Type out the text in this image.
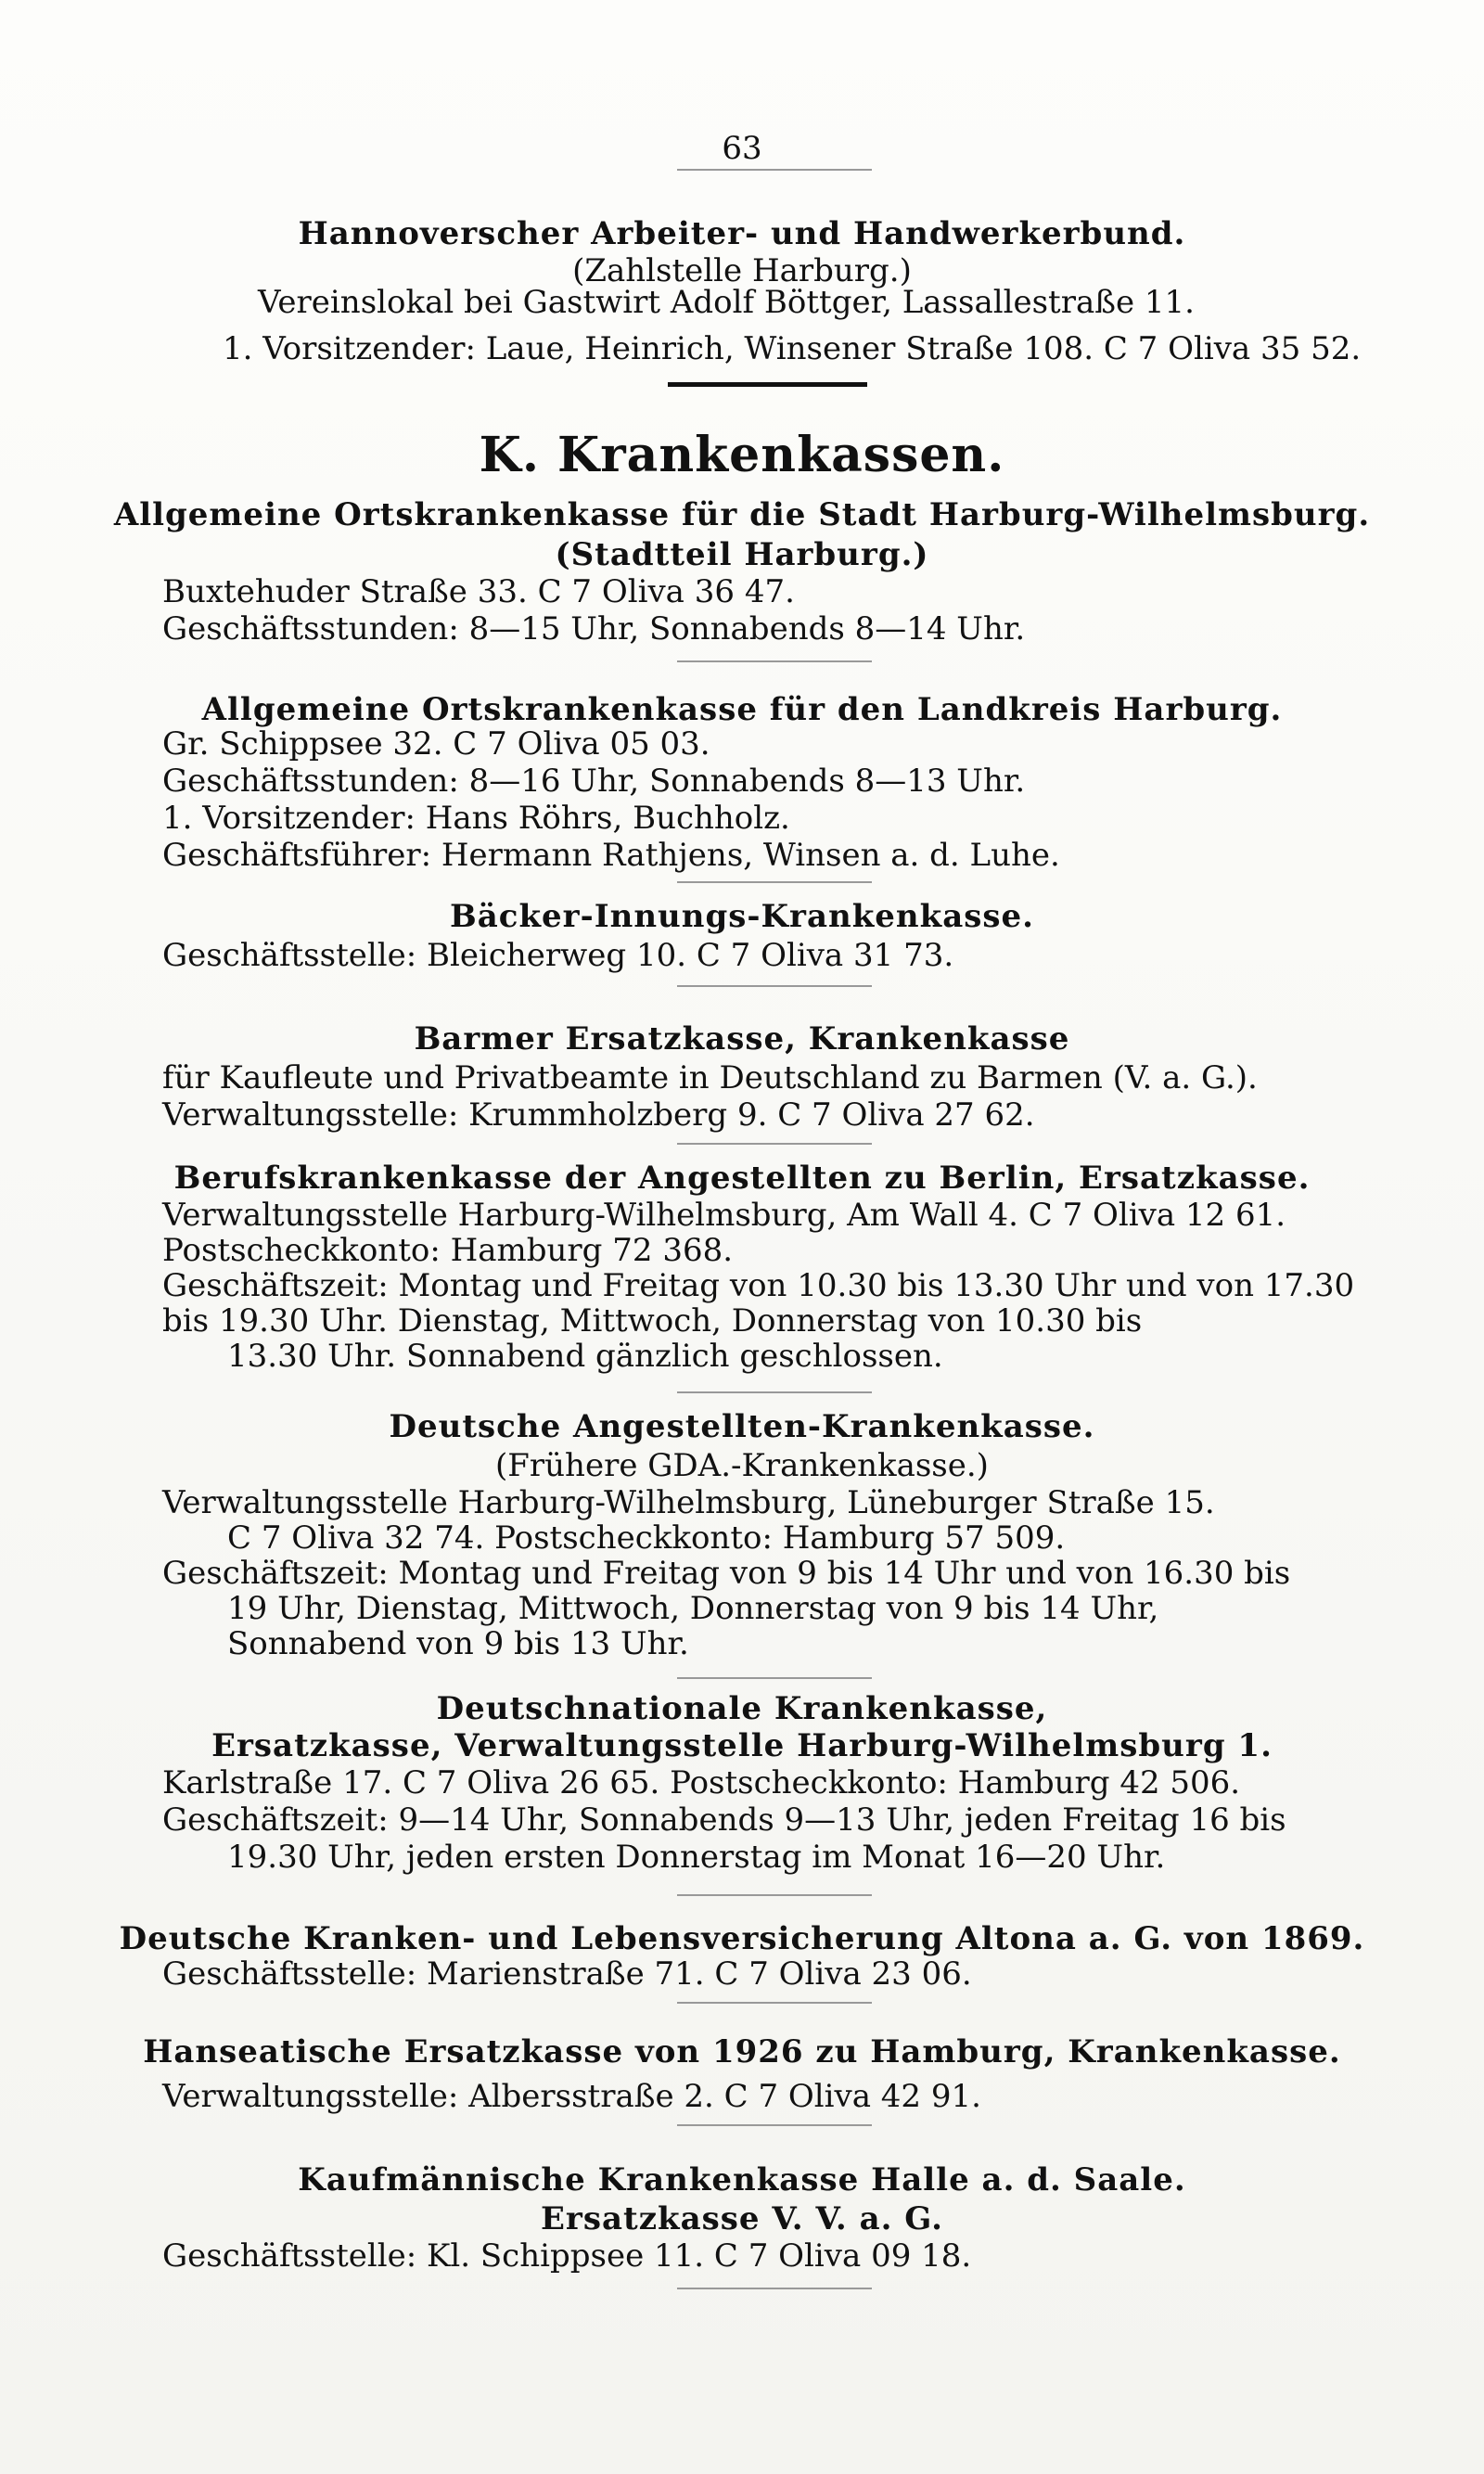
63
Hannoverscher Arbeiter- und Handwerkerbund.
(Zahlstelle Harburg.)
Vereinslokal bei Gastwirt Adolf Böttger, Lassallestraße 11.
1. Vorsitzender: Laue, Heinrich, Winsener Straße 108. C 7 Oliva 35 52.
K. Krankenkassen.
Allgemeine Ortskrankenkasse für die Stadt Harburg-Wilhelmsburg.
(Stadtteil Harburg.)
Buxtehuder Straße 33. C 7 Oliva 36 47.
Geschäftsstunden: 8—15 Uhr, Sonnabends 8—14 Uhr.
Allgemeine Ortskrankenkasse für den Landkreis Harburg.
Gr. Schippsee 32. C 7 Oliva 05 03.
Geschäftsstunden: 8—16 Uhr, Sonnabends 8—13 Uhr.
1. Vorsitzender: Hans Röhrs, Buchholz.
Geschäftsführer: Hermann Rathjens, Winsen a. d. Luhe.
Bäcker-Innungs-Krankenkasse.
Geschäftsstelle: Bleicherweg 10. C 7 Oliva 31 73.
Barmer Ersatzkasse, Krankenkasse
für Kaufleute und Privatbeamte in Deutschland zu Barmen (V. a. G.).
Verwaltungsstelle: Krummholzberg 9. C 7 Oliva 27 62.
Berufskrankenkasse der Angestellten zu Berlin, Ersatzkasse.
Verwaltungsstelle Harburg-Wilhelmsburg, Am Wall 4. C 7 Oliva 12 61.
Postscheckkonto: Hamburg 72 368.
Geschäftszeit: Montag und Freitag von 10.30 bis 13.30 Uhr und von 17.30
bis 19.30 Uhr. Dienstag, Mittwoch, Donnerstag von 10.30 bis
13.30 Uhr. Sonnabend gänzlich geschlossen.
Deutsche Angestellten-Krankenkasse.
(Frühere GDA.-Krankenkasse.)
Verwaltungsstelle Harburg-Wilhelmsburg, Lüneburger Straße 15.
C 7 Oliva 32 74. Postscheckkonto: Hamburg 57 509.
Geschäftszeit: Montag und Freitag von 9 bis 14 Uhr und von 16.30 bis
19 Uhr, Dienstag, Mittwoch, Donnerstag von 9 bis 14 Uhr,
Sonnabend von 9 bis 13 Uhr.
Deutschnationale Krankenkasse,
Ersatzkasse, Verwaltungsstelle Harburg-Wilhelmsburg 1.
Karlstraße 17. C 7 Oliva 26 65. Postscheckkonto: Hamburg 42 506.
Geschäftszeit: 9—14 Uhr, Sonnabends 9—13 Uhr, jeden Freitag 16 bis
19.30 Uhr, jeden ersten Donnerstag im Monat 16—20 Uhr.
Deutsche Kranken- und Lebensversicherung Altona a. G. von 1869.
Geschäftsstelle: Marienstraße 71. C 7 Oliva 23 06.
Hanseatische Ersatzkasse von 1926 zu Hamburg, Krankenkasse.
Verwaltungsstelle: Albersstraße 2. C 7 Oliva 42 91.
Kaufmännische Krankenkasse Halle a. d. Saale.
Ersatzkasse V. V. a. G.
Geschäftsstelle: Kl. Schippsee 11. C 7 Oliva 09 18.
